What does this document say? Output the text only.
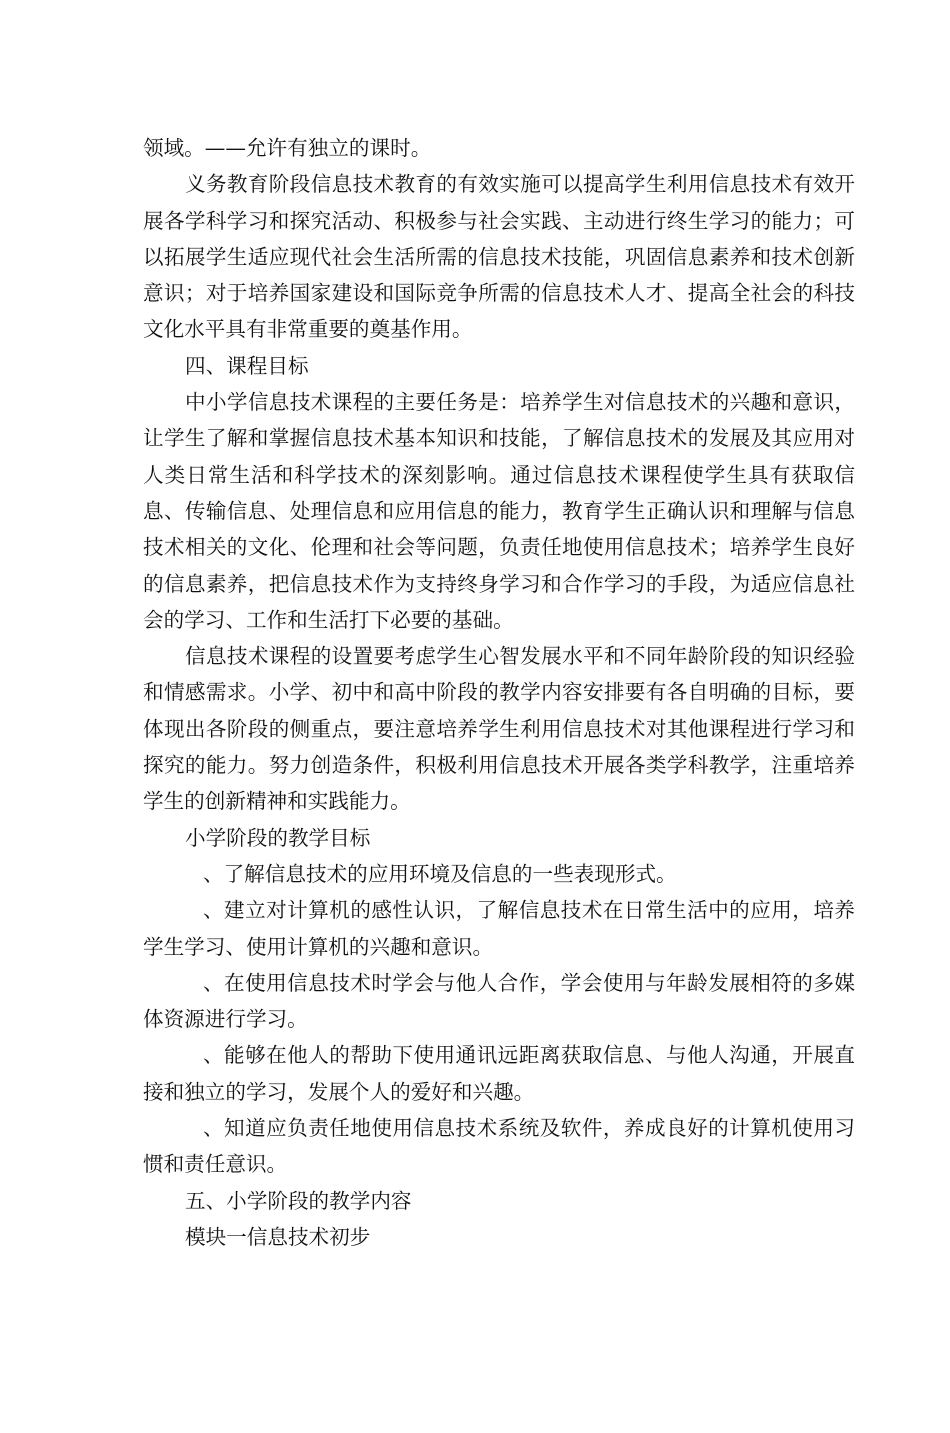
领域。——允许有独立的课时。

义务教育阶段信息技术教育的有效实施可以提高学生利用信息技术有效开展各学科学习和探究活动、积极参与社会实践、主动进行终生学习的能力；可以拓展学生适应现代社会生活所需的信息技术技能，巩固信息素养和技术创新意识；对于培养国家建设和国际竞争所需的信息技术人才、提高全社会的科技文化水平具有非常重要的奠基作用。

四、课程目标

中小学信息技术课程的主要任务是：培养学生对信息技术的兴趣和意识，让学生了解和掌握信息技术基本知识和技能，了解信息技术的发展及其应用对人类日常生活和科学技术的深刻影响。通过信息技术课程使学生具有获取信息、传输信息、处理信息和应用信息的能力，教育学生正确认识和理解与信息技术相关的文化、伦理和社会等问题，负责任地使用信息技术；培养学生良好的信息素养，把信息技术作为支持终身学习和合作学习的手段，为适应信息社会的学习、工作和生活打下必要的基础。

信息技术课程的设置要考虑学生心智发展水平和不同年龄阶段的知识经验和情感需求。小学、初中和高中阶段的教学内容安排要有各自明确的目标，要体现出各阶段的侧重点，要注意培养学生利用信息技术对其他课程进行学习和探究的能力。努力创造条件，积极利用信息技术开展各类学科教学，注重培养学生的创新精神和实践能力。

小学阶段的教学目标

、了解信息技术的应用环境及信息的一些表现形式。

、建立对计算机的感性认识，了解信息技术在日常生活中的应用，培养学生学习、使用计算机的兴趣和意识。

、在使用信息技术时学会与他人合作，学会使用与年龄发展相符的多媒体资源进行学习。

、能够在他人的帮助下使用通讯远距离获取信息、与他人沟通，开展直接和独立的学习，发展个人的爱好和兴趣。

、知道应负责任地使用信息技术系统及软件，养成良好的计算机使用习惯和责任意识。

五、小学阶段的教学内容

模块一信息技术初步
